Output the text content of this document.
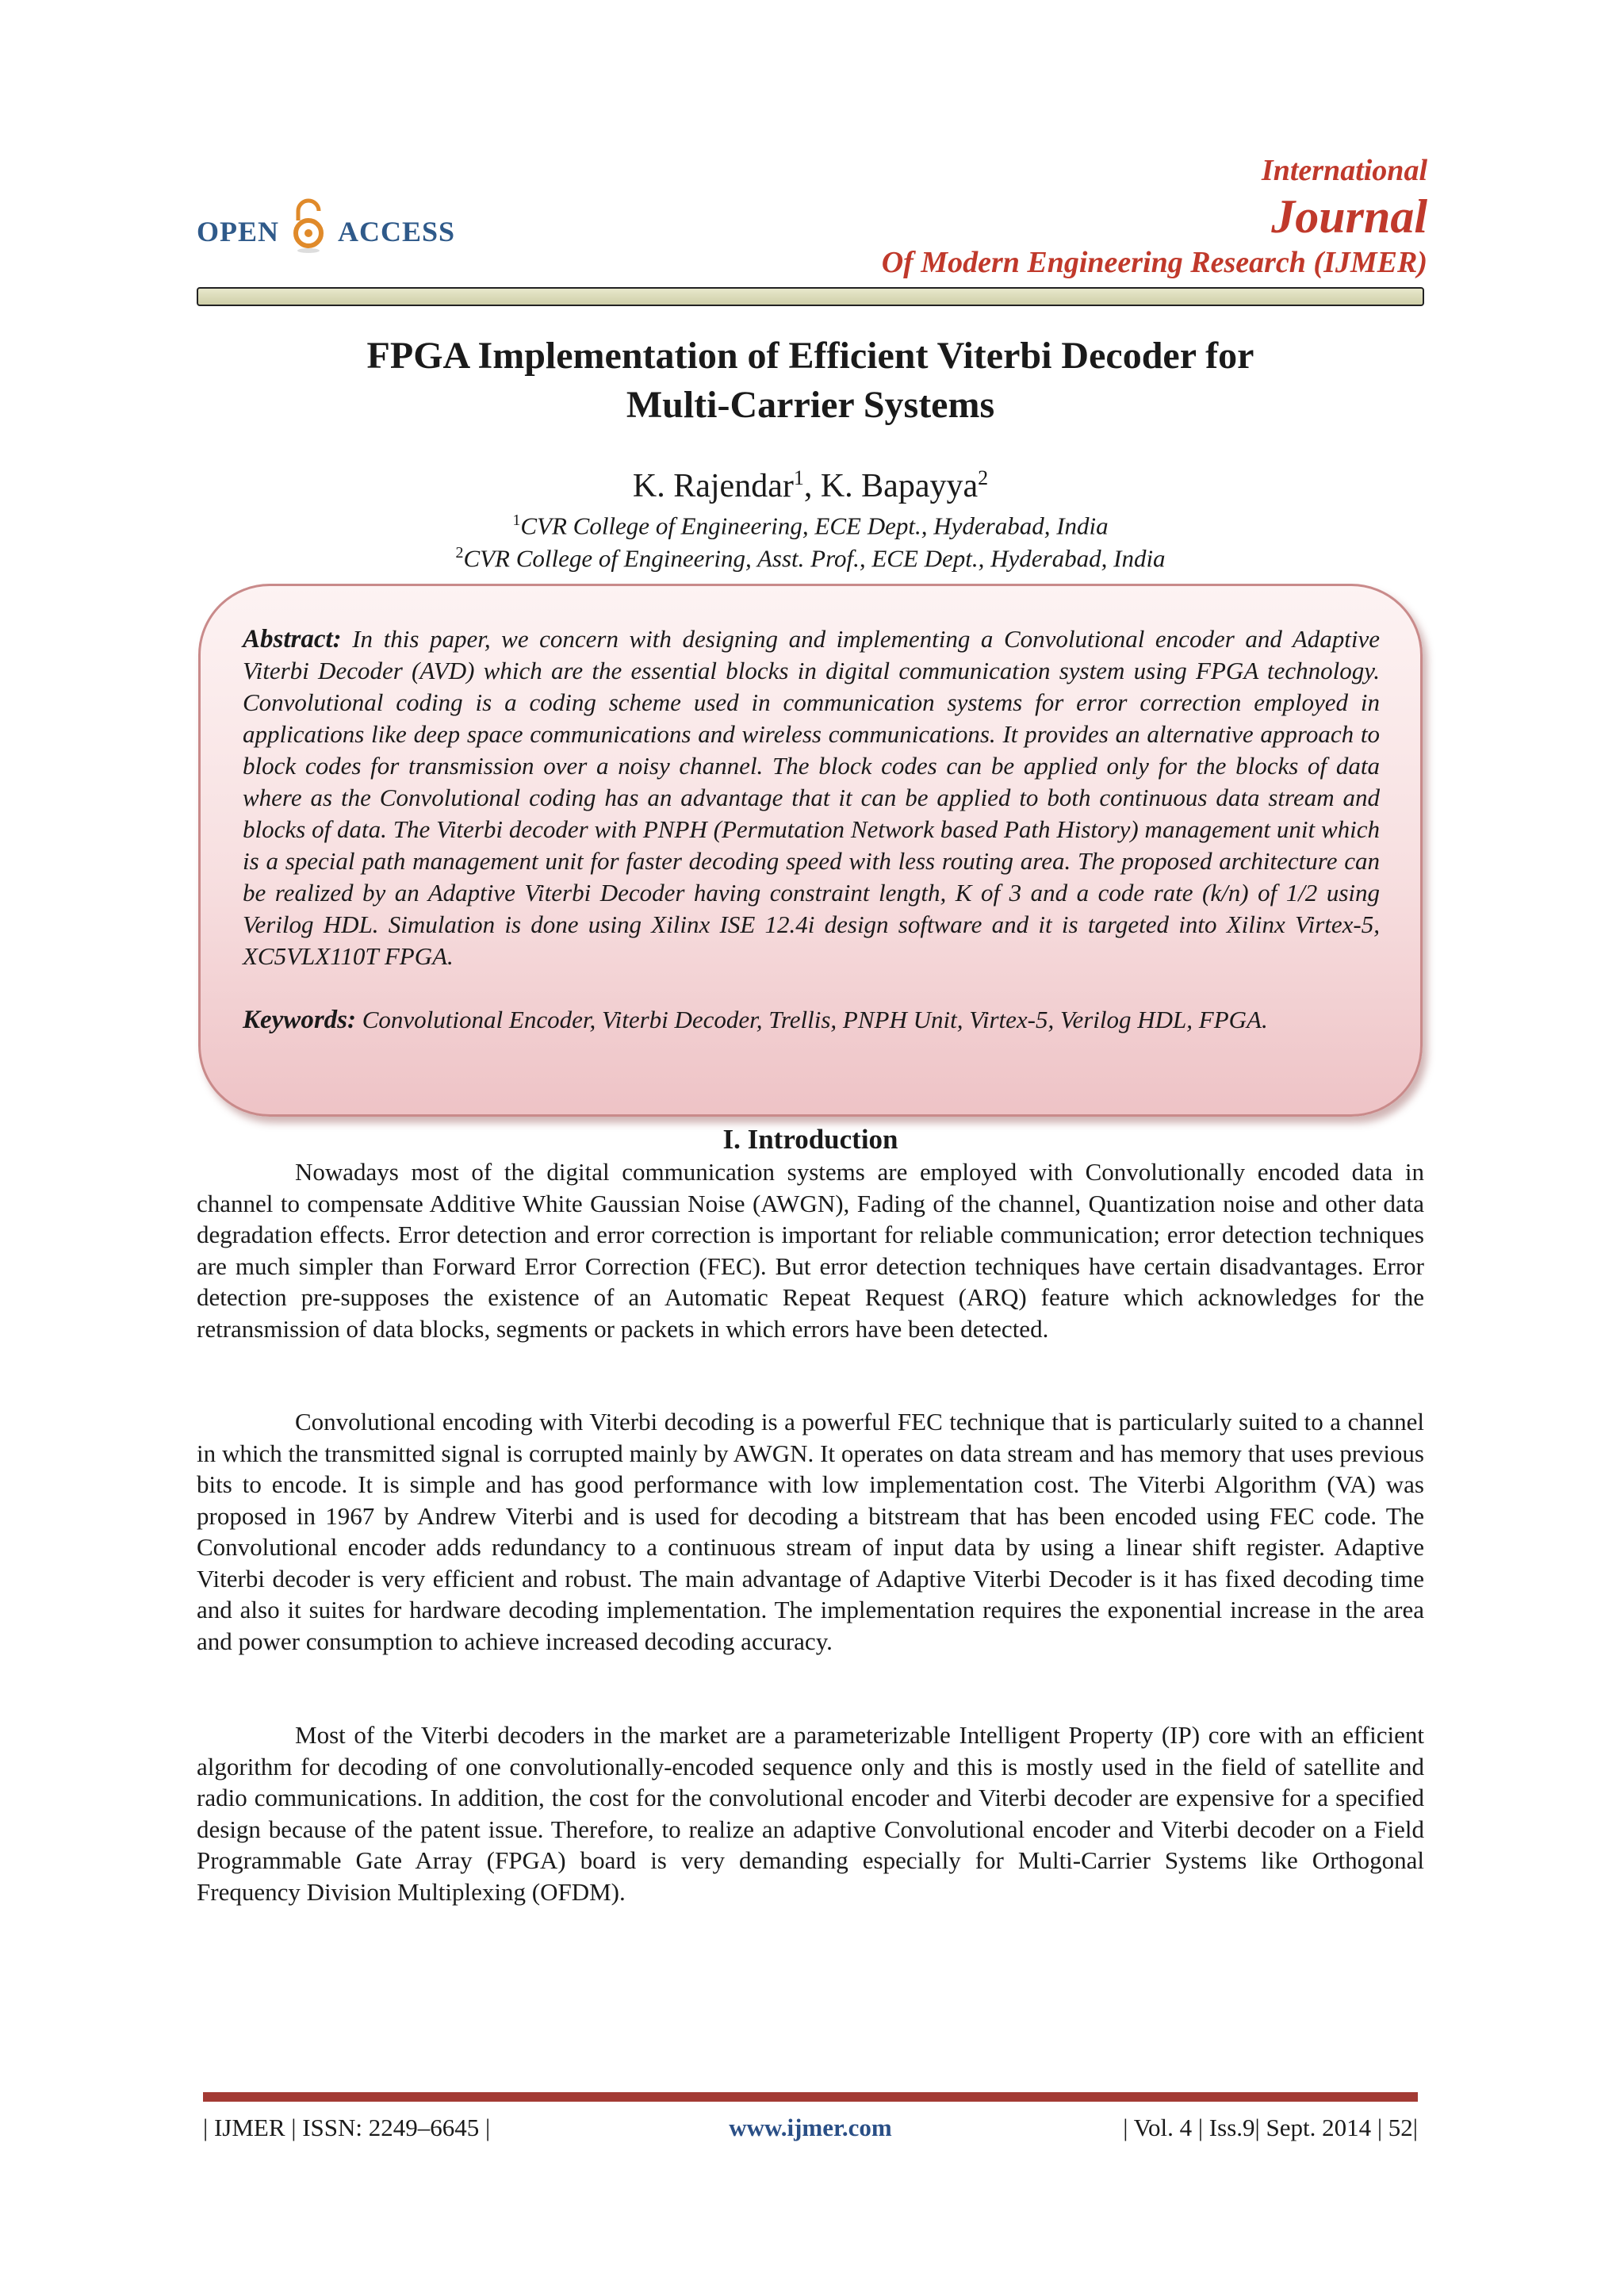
OPEN ACCESS
International
Journal
Of Modern Engineering Research (IJMER)
FPGA Implementation of Efficient Viterbi Decoder for
Multi-Carrier Systems
K. Rajendar$^1$, K. Bapayya$^2$
$^1$CVR College of Engineering, ECE Dept., Hyderabad, India
$^2$CVR College of Engineering, Asst. Prof., ECE Dept., Hyderabad, India
Abstract: In this paper, we concern with designing and implementing a Convolutional encoder and Adaptive Viterbi Decoder (AVD) which are the essential blocks in digital communication system using FPGA technology. Convolutional coding is a coding scheme used in communication systems for error correction employed in applications like deep space communications and wireless communications. It provides an alternative approach to block codes for transmission over a noisy channel. The block codes can be applied only for the blocks of data where as the Convolutional coding has an advantage that it can be applied to both continuous data stream and blocks of data. The Viterbi decoder with PNPH (Permutation Network based Path History) management unit which is a special path management unit for faster decoding speed with less routing area. The proposed architecture can be realized by an Adaptive Viterbi Decoder having constraint length, K of 3 and a code rate (k/n) of 1/2 using Verilog HDL. Simulation is done using Xilinx ISE 12.4i design software and it is targeted into Xilinx Virtex-5, XC5VLX110T FPGA.
Keywords: Convolutional Encoder, Viterbi Decoder, Trellis, PNPH Unit, Virtex-5, Verilog HDL, FPGA.
I. Introduction
Nowadays most of the digital communication systems are employed with Convolutionally encoded data in channel to compensate Additive White Gaussian Noise (AWGN), Fading of the channel, Quantization noise and other data degradation effects. Error detection and error correction is important for reliable communication; error detection techniques are much simpler than Forward Error Correction (FEC). But error detection techniques have certain disadvantages. Error detection pre-supposes the existence of an Automatic Repeat Request (ARQ) feature which acknowledges for the retransmission of data blocks, segments or packets in which errors have been detected.
Convolutional encoding with Viterbi decoding is a powerful FEC technique that is particularly suited to a channel in which the transmitted signal is corrupted mainly by AWGN. It operates on data stream and has memory that uses previous bits to encode. It is simple and has good performance with low implementation cost. The Viterbi Algorithm (VA) was proposed in 1967 by Andrew Viterbi and is used for decoding a bitstream that has been encoded using FEC code. The Convolutional encoder adds redundancy to a continuous stream of input data by using a linear shift register. Adaptive Viterbi decoder is very efficient and robust. The main advantage of Adaptive Viterbi Decoder is it has fixed decoding time and also it suites for hardware decoding implementation. The implementation requires the exponential increase in the area and power consumption to achieve increased decoding accuracy.
Most of the Viterbi decoders in the market are a parameterizable Intelligent Property (IP) core with an efficient algorithm for decoding of one convolutionally-encoded sequence only and this is mostly used in the field of satellite and radio communications. In addition, the cost for the convolutional encoder and Viterbi decoder are expensive for a specified design because of the patent issue. Therefore, to realize an adaptive Convolutional encoder and Viterbi decoder on a Field Programmable Gate Array (FPGA) board is very demanding especially for Multi-Carrier Systems like Orthogonal Frequency Division Multiplexing (OFDM).
| IJMER | ISSN: 2249–6645 |	www.ijmer.com	| Vol. 4 | Iss.9| Sept. 2014 | 52|
